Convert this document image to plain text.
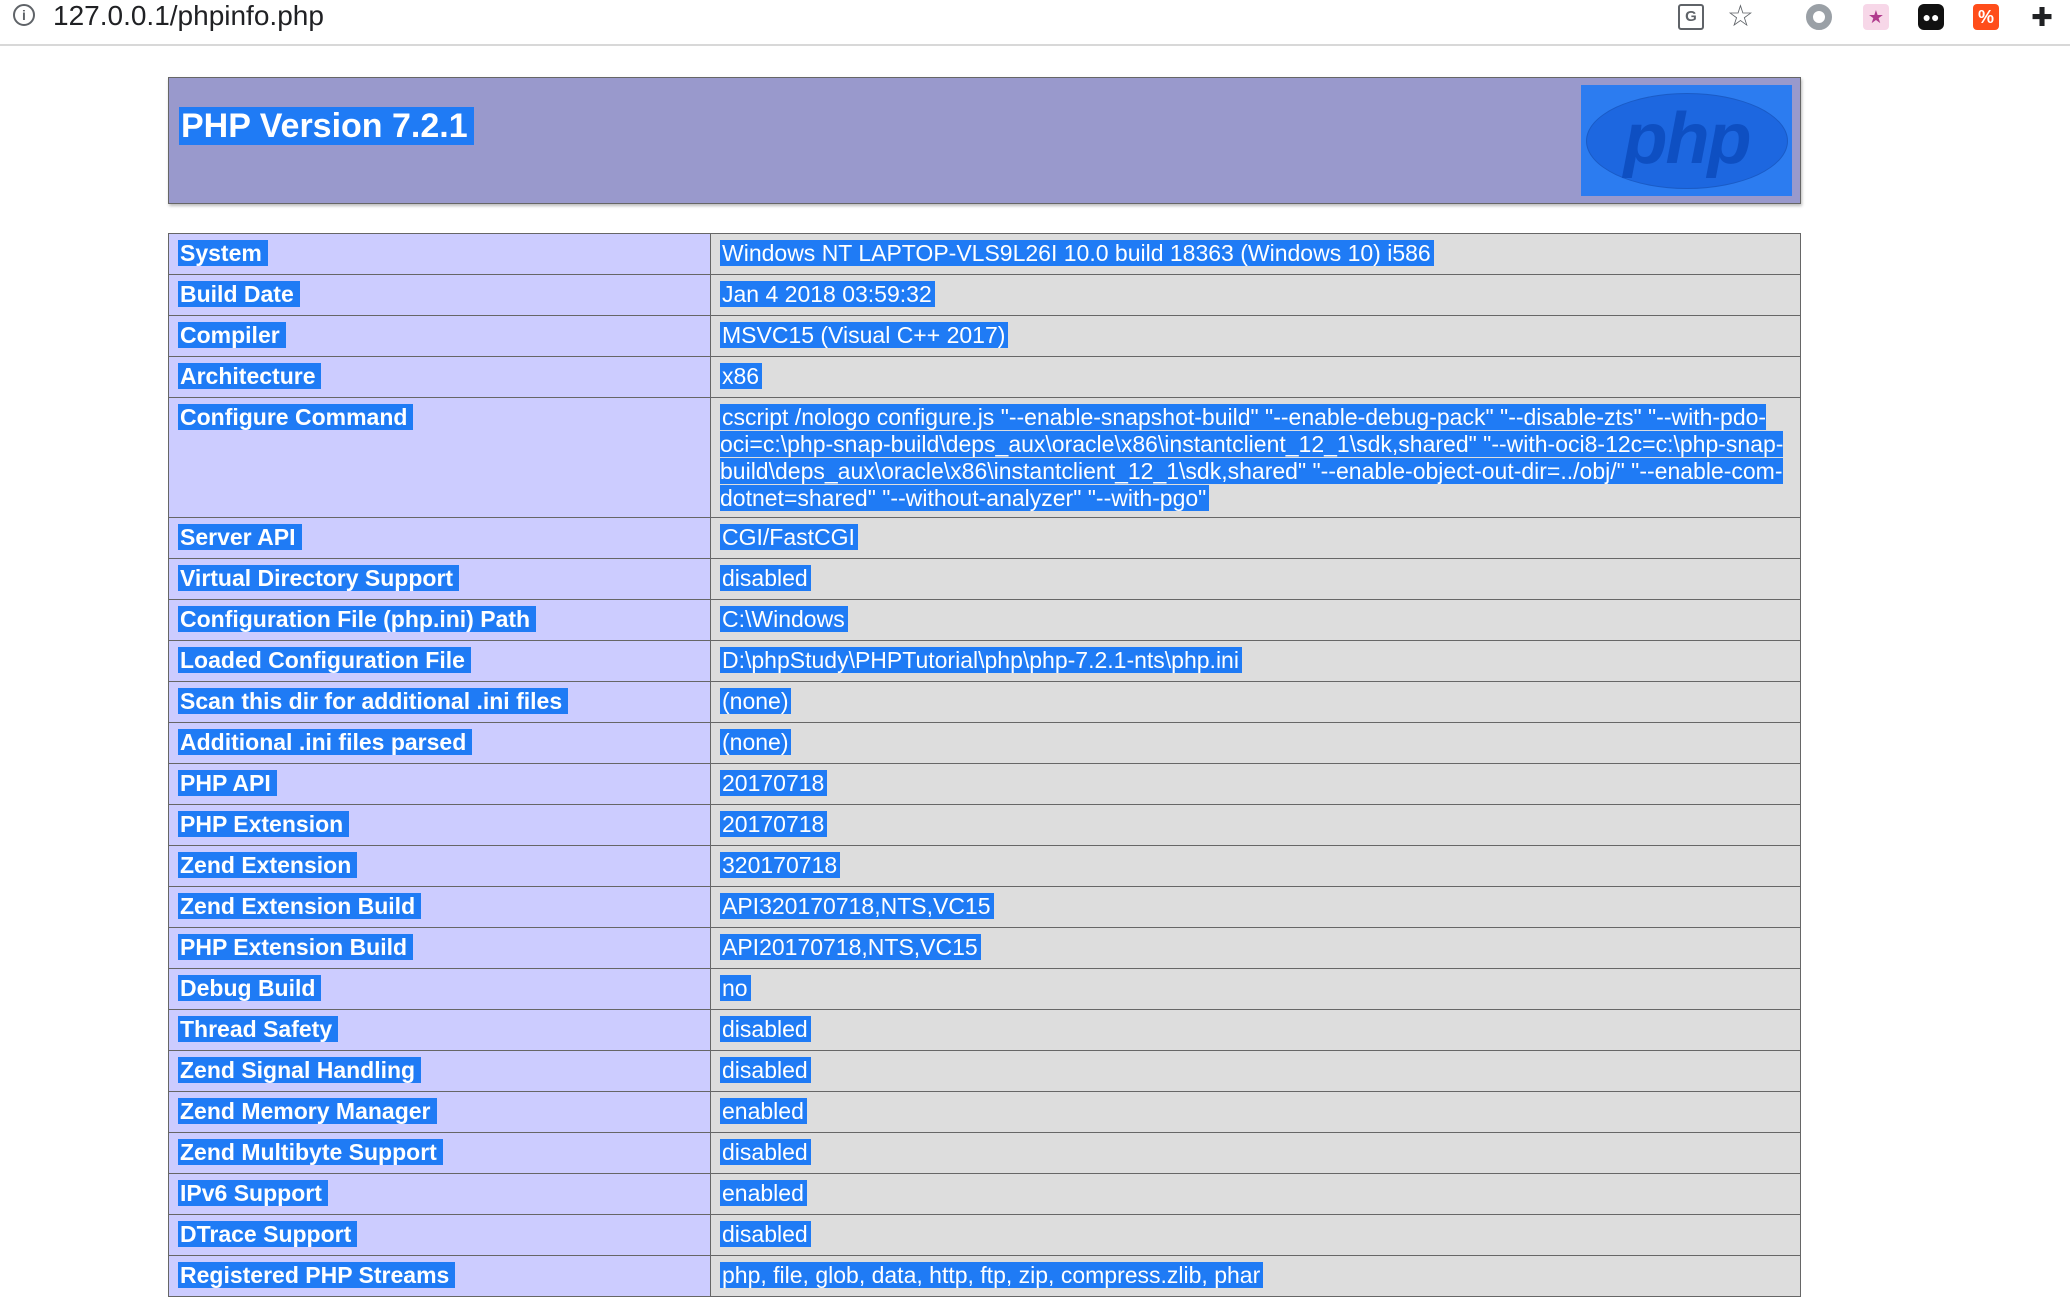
i 127.0.0.1/phpinfo.php	G ☆	★	●● % ✚
PHP Version 7.2.1	php
System	Windows NT LAPTOP-VLS9L26I 10.0 build 18363 (Windows 10) i586
Build Date	Jan 4 2018 03:59:32
Compiler	MSVC15 (Visual C++ 2017)
Architecture	x86
Configure Command	cscript /nologo configure.js "--enable-snapshot-build" "--enable-debug-pack" "--disable-zts" "--with-pdo-oci=c:\php-snap-build\deps_aux\oracle\x86\instantclient_12_1\sdk,shared" "--with-oci8-12c=c:\php-snap-build\deps_aux\oracle\x86\instantclient_12_1\sdk,shared" "--enable-object-out-dir=../obj/" "--enable-com-dotnet=shared" "--without-analyzer" "--with-pgo"
Server API	CGI/FastCGI
Virtual Directory Support	disabled
Configuration File (php.ini) Path	C:\Windows
Loaded Configuration File	D:\phpStudy\PHPTutorial\php\php-7.2.1-nts\php.ini
Scan this dir for additional .ini files	(none)
Additional .ini files parsed	(none)
PHP API	20170718
PHP Extension	20170718
Zend Extension	320170718
Zend Extension Build	API320170718,NTS,VC15
PHP Extension Build	API20170718,NTS,VC15
Debug Build	no
Thread Safety	disabled
Zend Signal Handling	disabled
Zend Memory Manager	enabled
Zend Multibyte Support	disabled
IPv6 Support	enabled
DTrace Support	disabled
Registered PHP Streams	php, file, glob, data, http, ftp, zip, compress.zlib, phar
